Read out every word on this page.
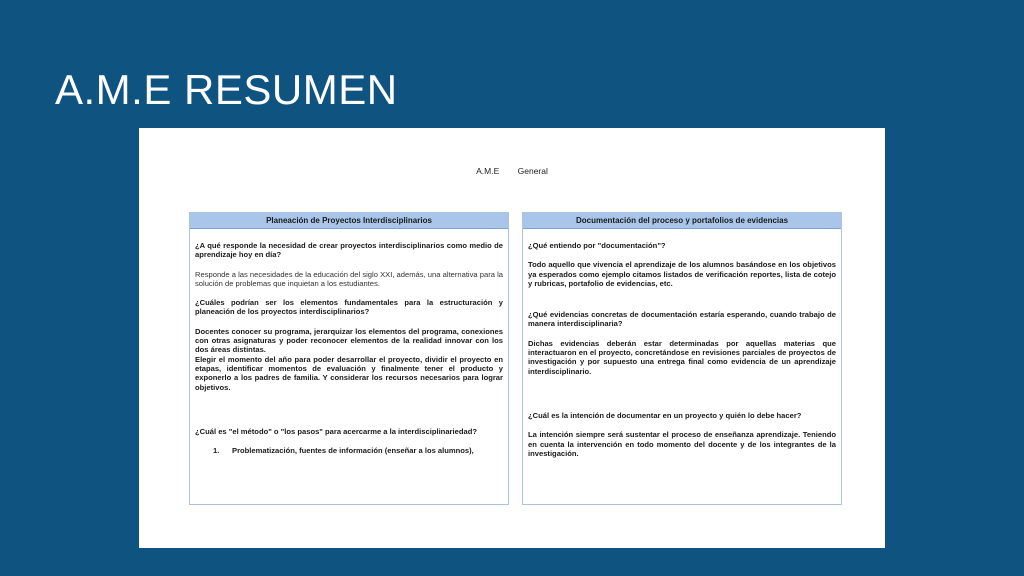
A.M.E RESUMEN
A.M.E General
Planeación de Proyectos Interdisciplinarios

¿A qué responde la necesidad de crear proyectos interdisciplinarios como medio de aprendizaje hoy en día?

Responde a las necesidades de la educación del siglo XXI, además, una alternativa para la solución de problemas que inquietan a los estudiantes.

¿Cuáles podrían ser los elementos fundamentales para la estructuración y planeación de los proyectos interdisciplinarios?

Docentes conocer su programa, jerarquizar los elementos del programa, conexiones con otras asignaturas y poder reconocer elementos de la realidad innovar con los dos áreas distintas.

Elegir el momento del año para poder desarrollar el proyecto, dividir el proyecto en etapas, identificar momentos de evaluación y finalmente tener el producto y exponerlo a los padres de familia. Y considerar los recursos necesarios para lograr objetivos.

¿Cuál es "el método" o "los pasos" para acercarme a la interdisciplinariedad?

1.	Problematización, fuentes de información (enseñar a los alumnos),
Documentación del proceso y portafolios de evidencias

¿Qué entiendo por "documentación"?

Todo aquello que vivencia el aprendizaje de los alumnos basándose en los objetivos ya esperados como ejemplo citamos listados de verificación reportes, lista de cotejo y rubricas, portafolio de evidencias, etc.

¿Qué evidencias concretas de documentación estaría esperando, cuando trabajo de manera interdisciplinaria?

Dichas evidencias deberán estar determinadas por aquellas materias que interactuaron en el proyecto, concretándose en revisiones parciales de proyectos de investigación y por supuesto una entrega final como evidencia de un aprendizaje interdisciplinario.

¿Cuál es la intención de documentar en un proyecto y quién lo debe hacer?

La intención siempre será sustentar el proceso de enseñanza aprendizaje. Teniendo en cuenta la intervención en todo momento del docente y de los integrantes de la investigación.
